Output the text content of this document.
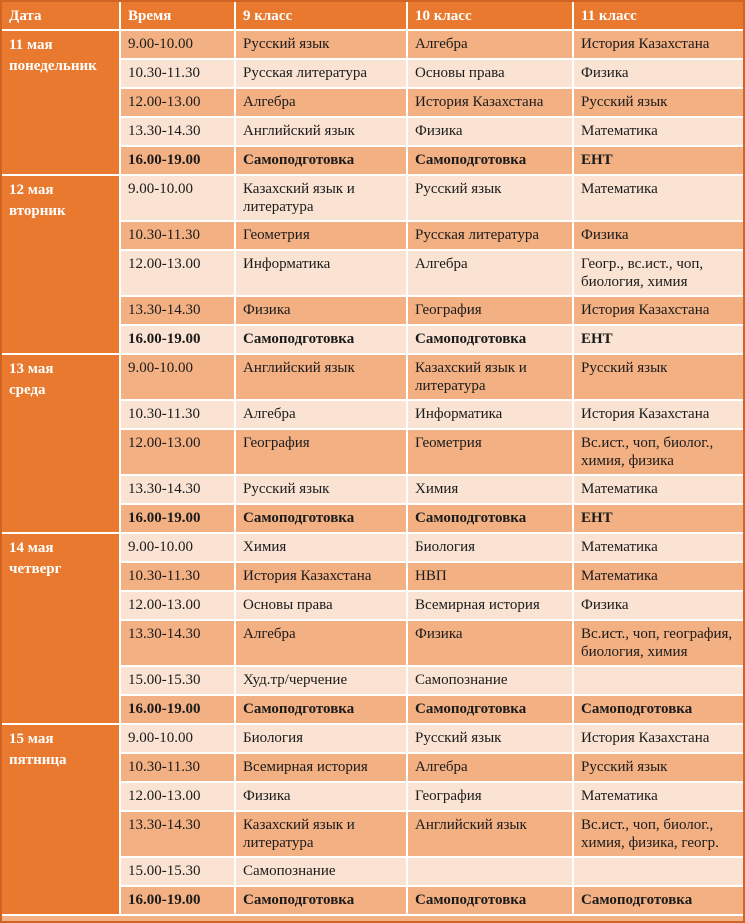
Дата	Время	9 класс	10 класс	11 класс

11 мая
понедельник	9.00-10.00	Русский язык	Алгебра	История Казахстана
	10.30-11.30	Русская литература	Основы права	Физика
	12.00-13.00	Алгебра	История Казахстана	Русский язык
	13.30-14.30	Английский язык	Физика	Математика
	16.00-19.00	Самоподготовка	Самоподготовка	ЕНТ

12 мая
вторник	9.00-10.00	Казахский язык и литература	Русский язык	Математика
	10.30-11.30	Геометрия	Русская литература	Физика
	12.00-13.00	Информатика	Алгебра	Геогр., вс.ист., чоп, биология, химия
	13.30-14.30	Физика	География	История Казахстана
	16.00-19.00	Самоподготовка	Самоподготовка	ЕНТ

13 мая
среда	9.00-10.00	Английский язык	Казахский язык и литература	Русский язык
	10.30-11.30	Алгебра	Информатика	История Казахстана
	12.00-13.00	География	Геометрия	Вс.ист., чоп, биолог., химия, физика
	13.30-14.30	Русский язык	Химия	Математика
	16.00-19.00	Самоподготовка	Самоподготовка	ЕНТ

14 мая
четверг	9.00-10.00	Химия	Биология	Математика
	10.30-11.30	История Казахстана	НВП	Математика
	12.00-13.00	Основы права	Всемирная история	Физика
	13.30-14.30	Алгебра	Физика	Вс.ист., чоп, география, биология, химия
	15.00-15.30	Худ.тр/черчение	Самопознание	
	16.00-19.00	Самоподготовка	Самоподготовка	Самоподготовка

15 мая
пятница	9.00-10.00	Биология	Русский язык	История Казахстана
	10.30-11.30	Всемирная история	Алгебра	Русский язык
	12.00-13.00	Физика	География	Математика
	13.30-14.30	Казахский язык и литература	Английский язык	Вс.ист., чоп, биолог., химия, физика, геогр.
	15.00-15.30	Самопознание		
	16.00-19.00	Самоподготовка	Самоподготовка	Самоподготовка
